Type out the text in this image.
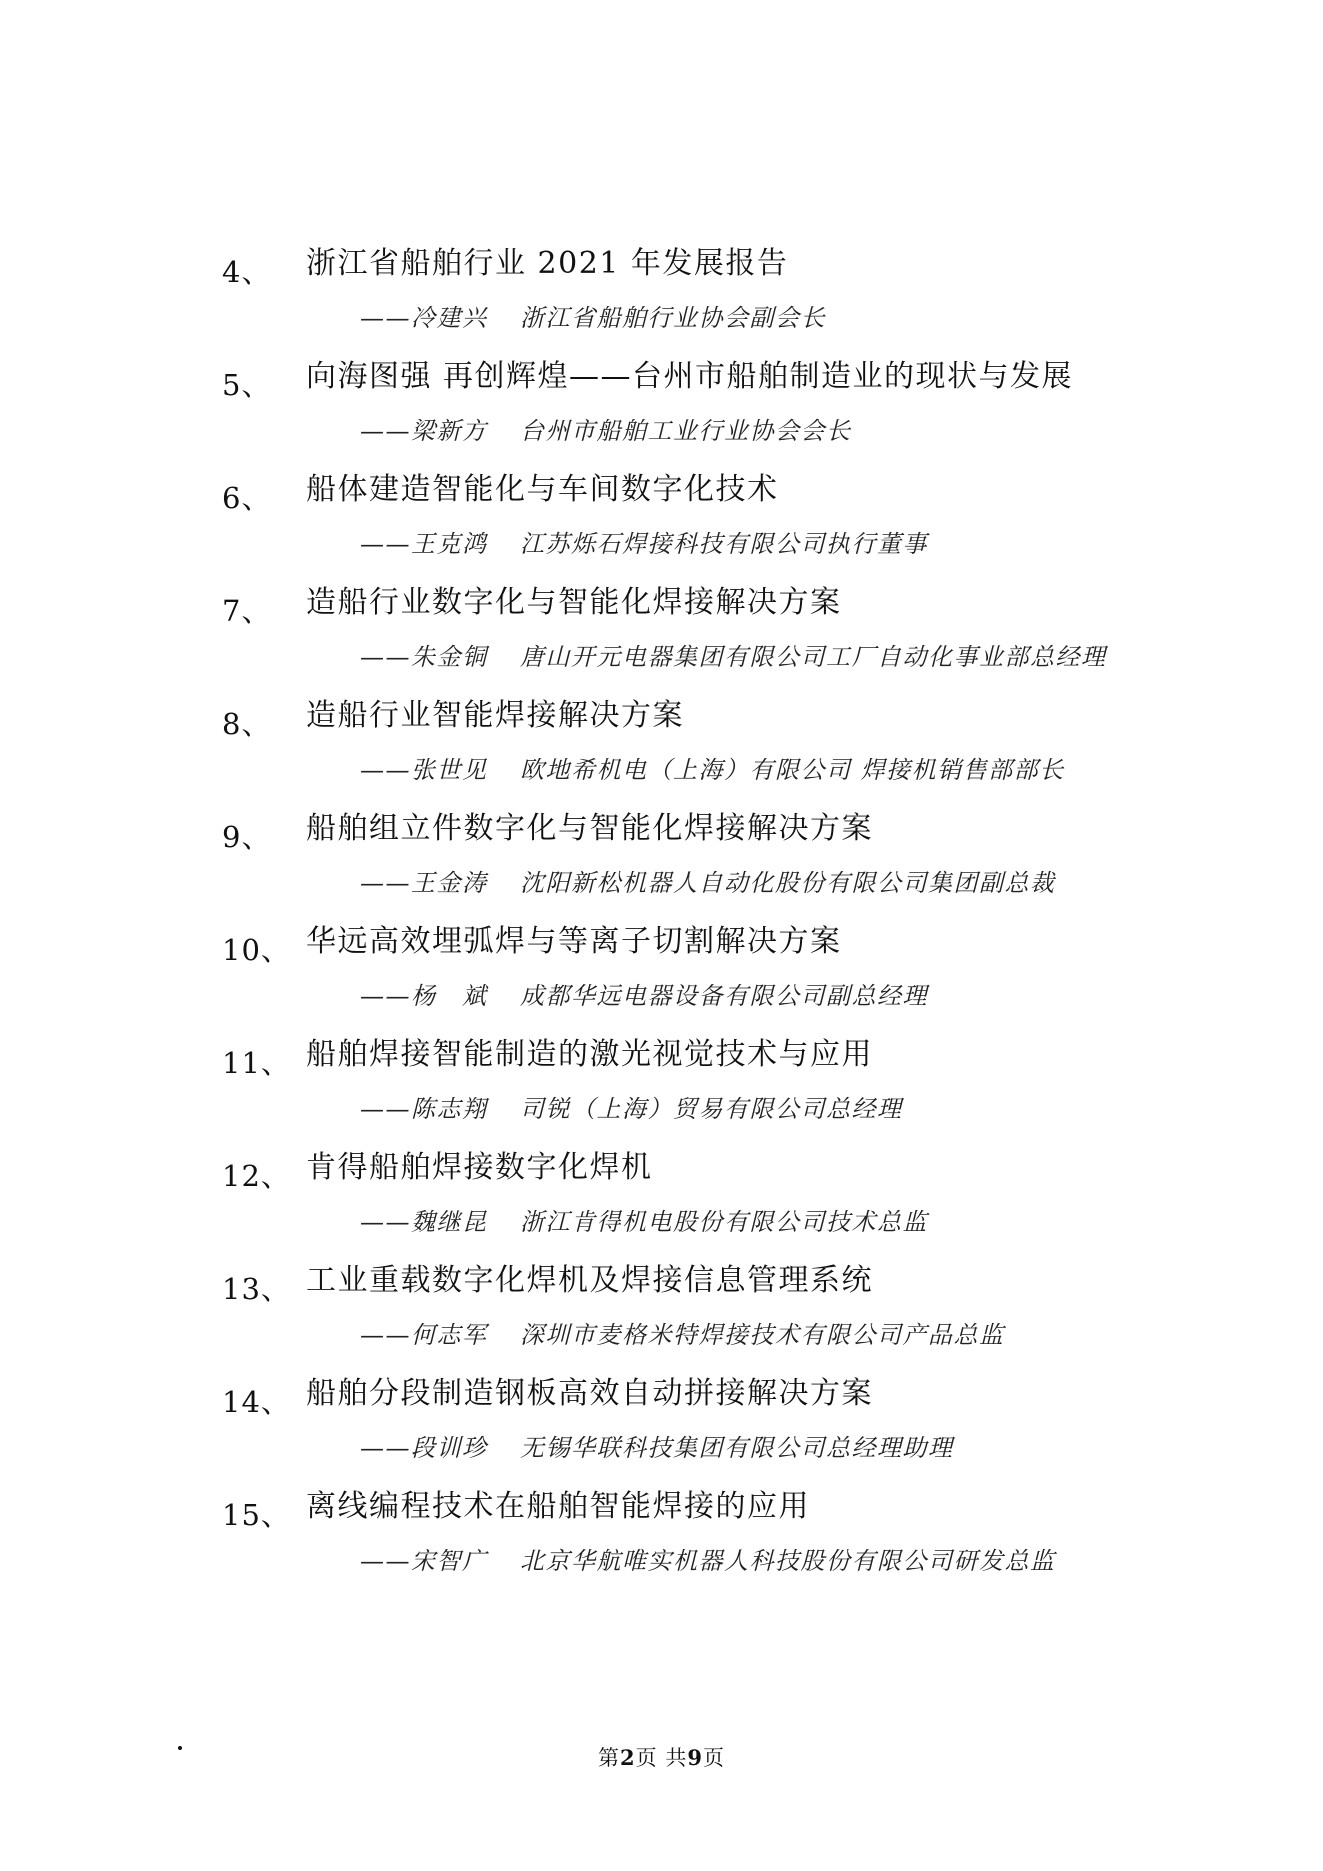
4、 浙江省船舶行业 2021 年发展报告
——冷建兴 浙江省船舶行业协会副会长
5、 向海图强 再创辉煌——台州市船舶制造业的现状与发展
——梁新方 台州市船舶工业行业协会会长
6、 船体建造智能化与车间数字化技术
——王克鸿 江苏烁石焊接科技有限公司执行董事
7、 造船行业数字化与智能化焊接解决方案
——朱金铜 唐山开元电器集团有限公司工厂自动化事业部总经理
8、 造船行业智能焊接解决方案
——张世见 欧地希机电（上海）有限公司 焊接机销售部部长
9、 船舶组立件数字化与智能化焊接解决方案
——王金涛 沈阳新松机器人自动化股份有限公司集团副总裁
10、 华远高效埋弧焊与等离子切割解决方案
——杨　斌 成都华远电器设备有限公司副总经理
11、 船舶焊接智能制造的激光视觉技术与应用
——陈志翔 司锐（上海）贸易有限公司总经理
12、 肯得船舶焊接数字化焊机
——魏继昆 浙江肯得机电股份有限公司技术总监
13、 工业重载数字化焊机及焊接信息管理系统
——何志军 深圳市麦格米特焊接技术有限公司产品总监
14、 船舶分段制造钢板高效自动拼接解决方案
——段训珍 无锡华联科技集团有限公司总经理助理
15、 离线编程技术在船舶智能焊接的应用
——宋智广 北京华航唯实机器人科技股份有限公司研发总监
第2页 共9页
